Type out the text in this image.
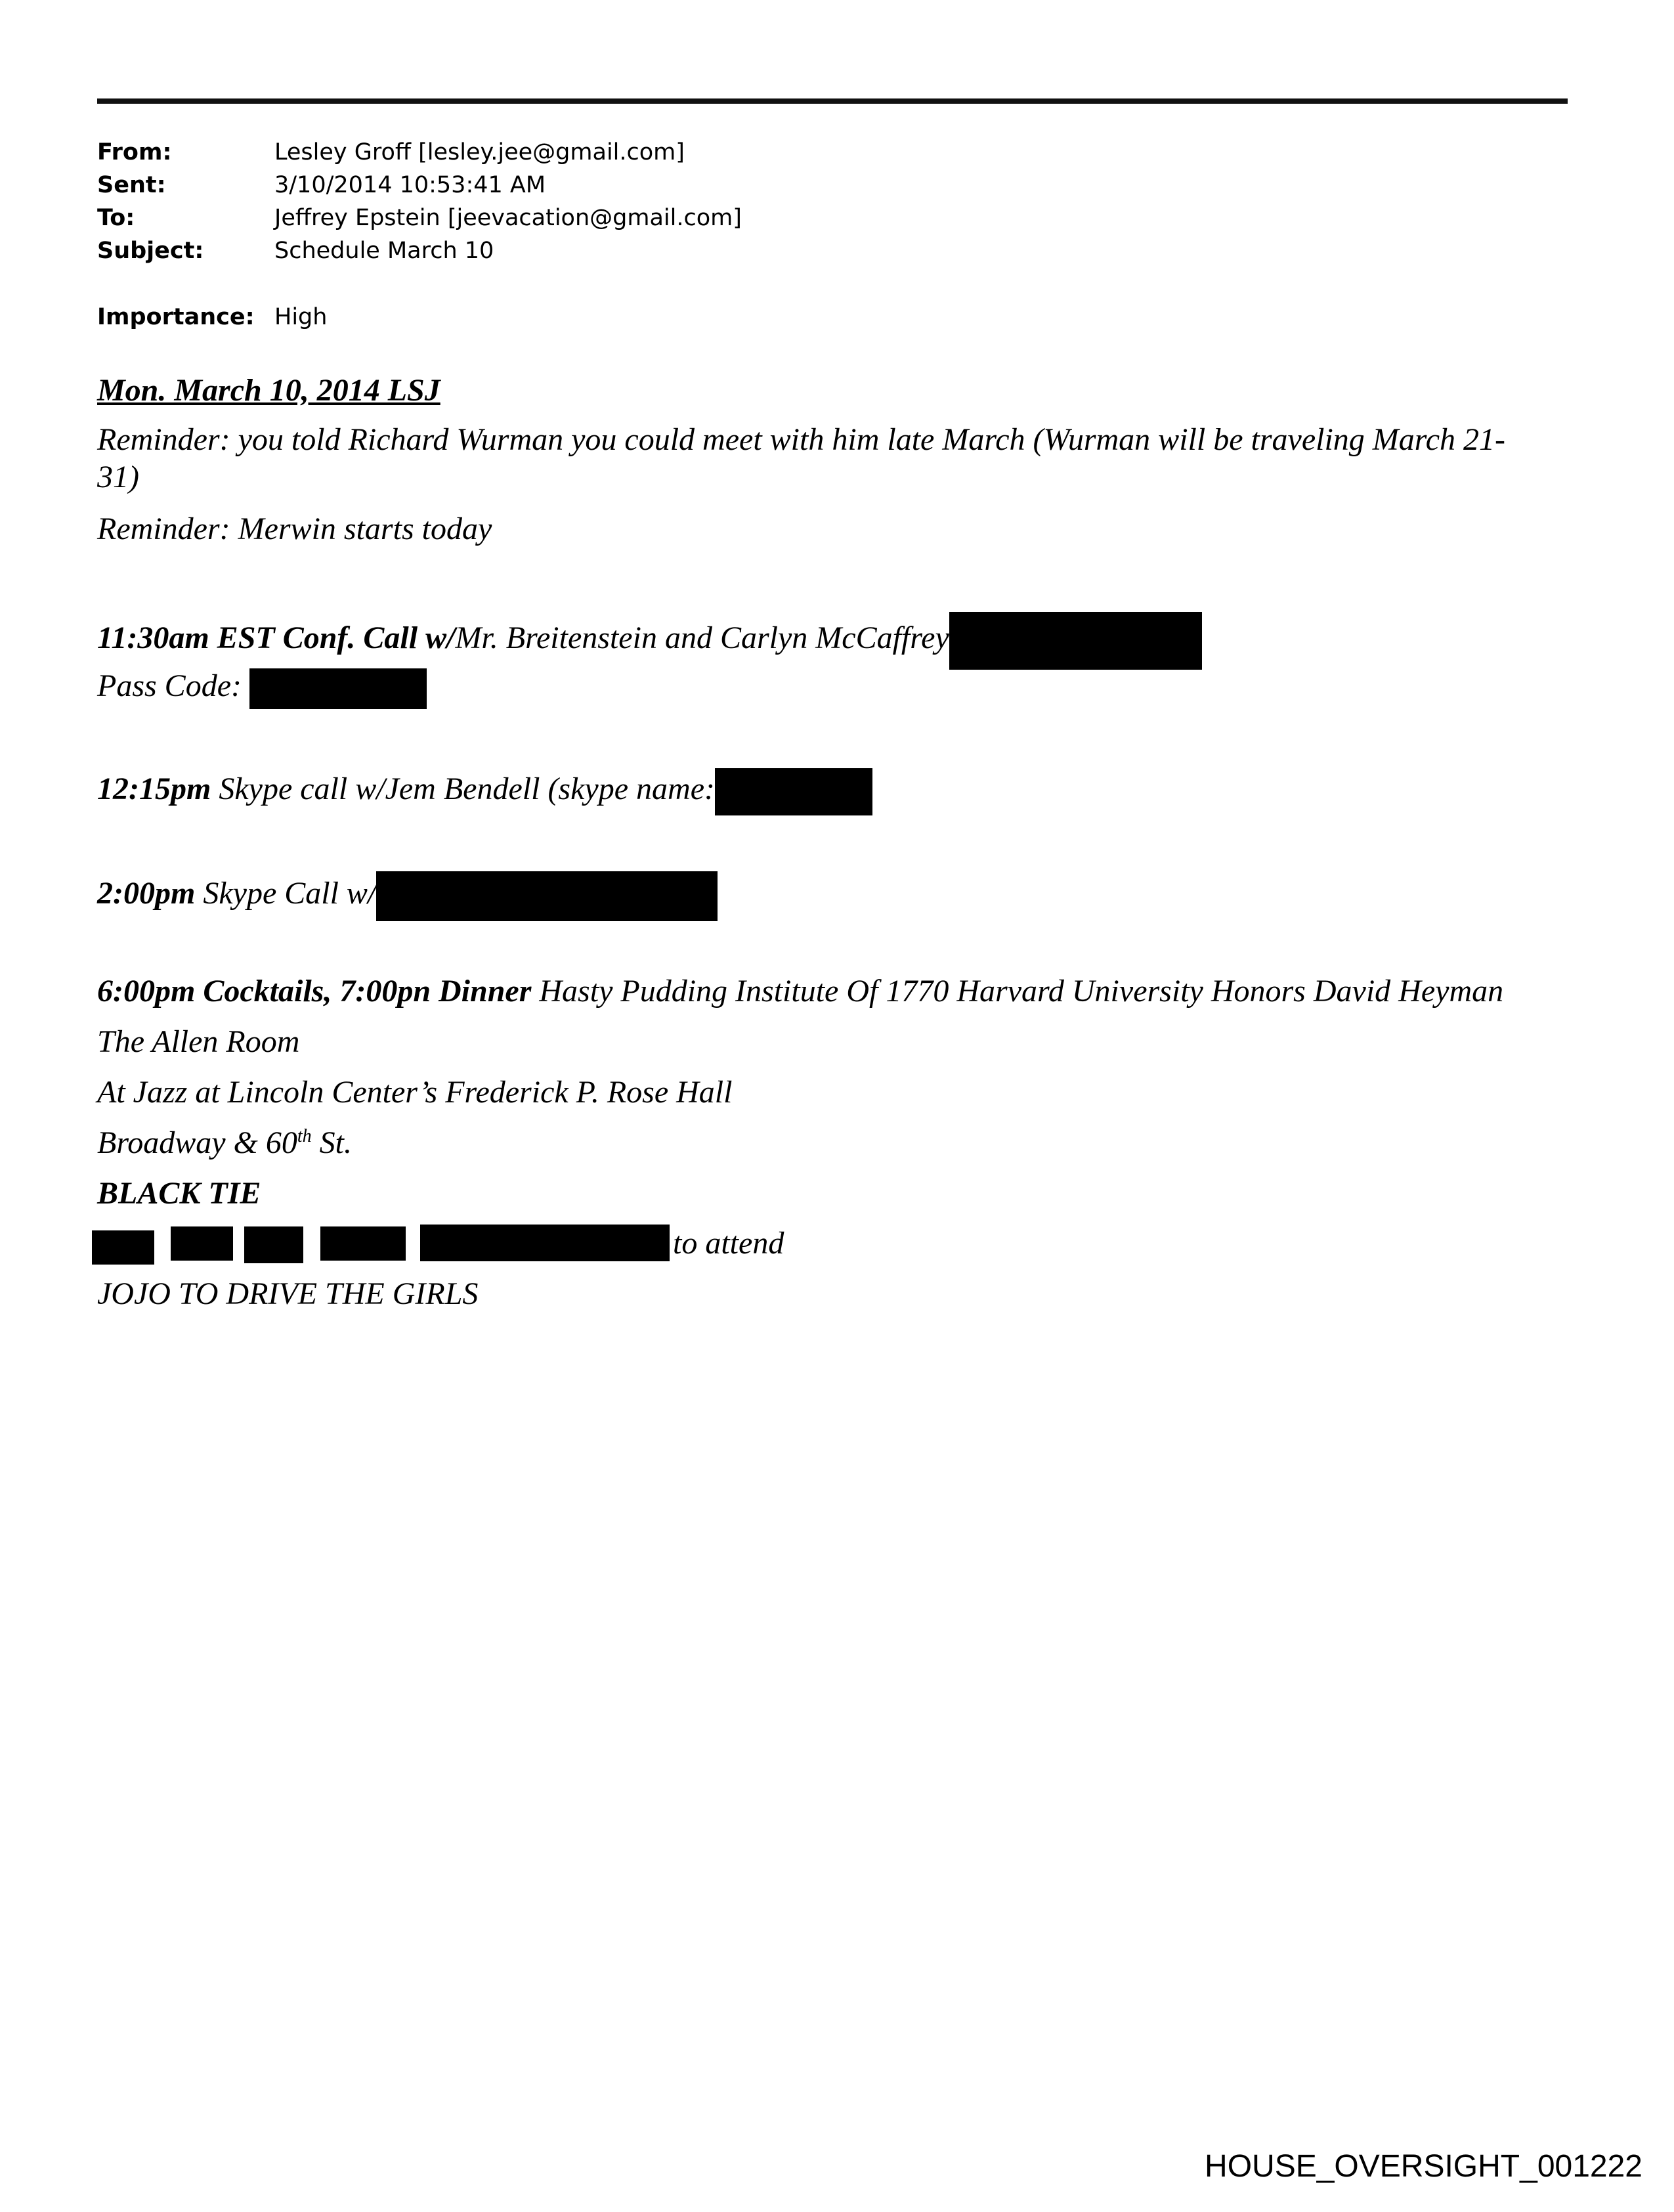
From:	Lesley Groff [lesley.jee@gmail.com]
Sent:	3/10/2014 10:53:41 AM
To:	Jeffrey Epstein [jeevacation@gmail.com]
Subject:	Schedule March 10
Importance: High
Mon. March 10, 2014 LSJ
Reminder: you told Richard Wurman you could meet with him late March (Wurman will be traveling March 21-
31)
Reminder: Merwin starts today
11:30am EST Conf. Call w/Mr. Breitenstein and Carlyn McCaffrey
Pass Code:
12:15pm Skype call w/Jem Bendell (skype name:
2:00pm Skype Call w/
6:00pm Cocktails, 7:00pn Dinner Hasty Pudding Institute Of 1770 Harvard University Honors David Heyman
The Allen Room
At Jazz at Lincoln Center’s Frederick P. Rose Hall
Broadway & 60th St.
BLACK TIE
to attend
JOJO TO DRIVE THE GIRLS
HOUSE_OVERSIGHT_001222
